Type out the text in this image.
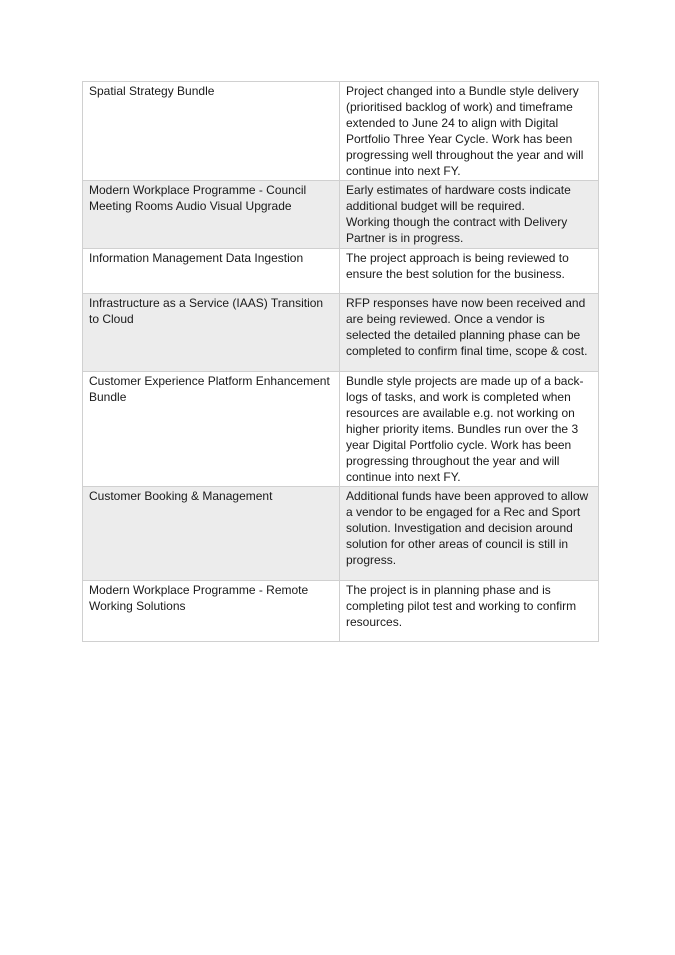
Spatial Strategy Bundle	Project changed into a Bundle style delivery (prioritised backlog of work) and timeframe extended to June 24 to align with Digital Portfolio Three Year Cycle. Work has been progressing well throughout the year and will continue into next FY.

Modern Workplace Programme - Council Meeting Rooms Audio Visual Upgrade	Early estimates of hardware costs indicate additional budget will be required.
Working though the contract with Delivery Partner is in progress.

Information Management Data Ingestion	The project approach is being reviewed to ensure the best solution for the business.

Infrastructure as a Service (IAAS) Transition to Cloud	RFP responses have now been received and are being reviewed. Once a vendor is selected the detailed planning phase can be completed to confirm final time, scope & cost.

Customer Experience Platform Enhancement Bundle	Bundle style projects are made up of a back-logs of tasks, and work is completed when resources are available e.g. not working on higher priority items. Bundles run over the 3 year Digital Portfolio cycle. Work has been progressing throughout the year and will continue into next FY.

Customer Booking & Management	Additional funds have been approved to allow a vendor to be engaged for a Rec and Sport solution. Investigation and decision around solution for other areas of council is still in progress.

Modern Workplace Programme - Remote Working Solutions	The project is in planning phase and is completing pilot test and working to confirm resources.
